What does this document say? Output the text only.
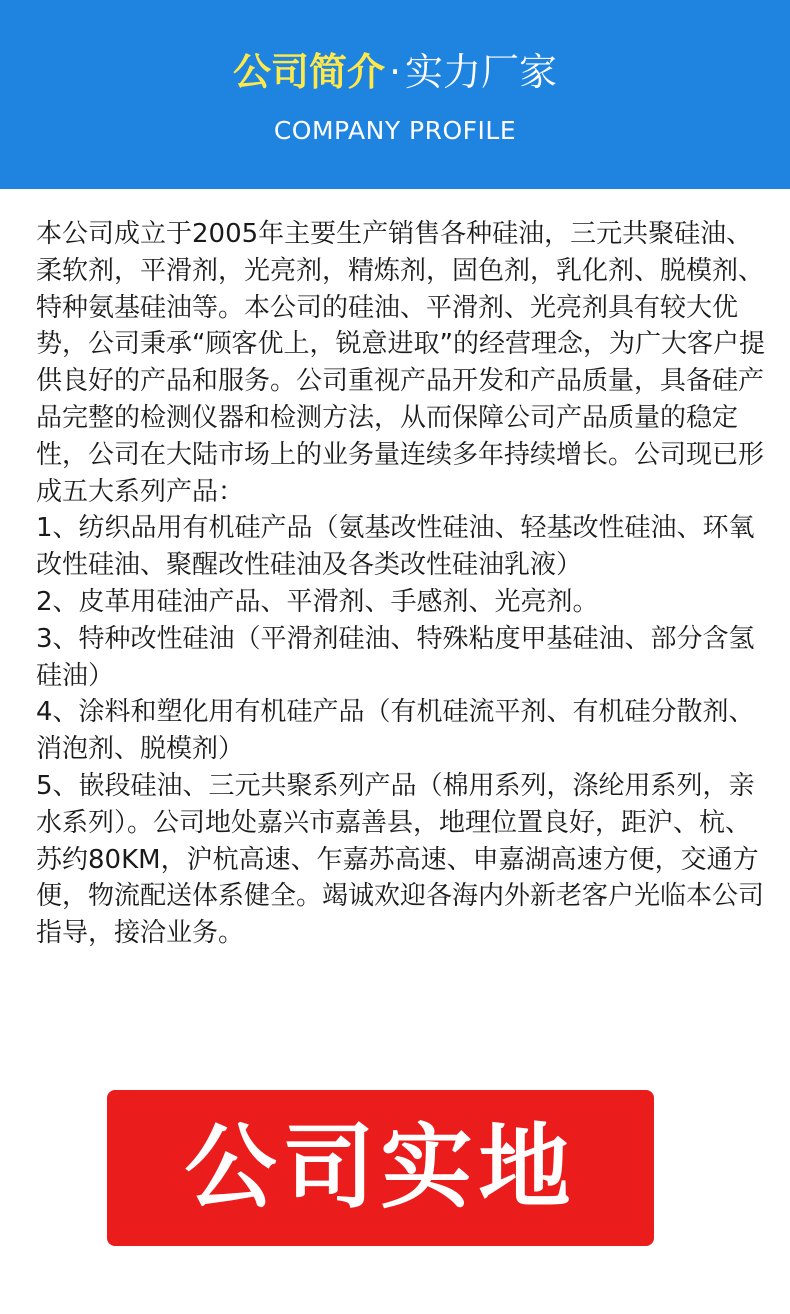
公司简介 · 实力厂家
COMPANY PROFILE

本公司成立于2005年主要生产销售各种硅油，三元共聚硅油、柔软剂，平滑剂，光亮剂，精炼剂，固色剂，乳化剂、脱模剂、特种氨基硅油等。本公司的硅油、平滑剂、光亮剂具有较大优势，公司秉承“顾客优上，锐意进取”的经营理念，为广大客户提供良好的产品和服务。公司重视产品开发和产品质量，具备硅产品完整的检测仪器和检测方法，从而保障公司产品质量的稳定性，公司在大陆市场上的业务量连续多年持续增长。公司现已形成五大系列产品：

1、纺织品用有机硅产品（氨基改性硅油、轻基改性硅油、环氧改性硅油、聚醒改性硅油及各类改性硅油乳液）

2、皮革用硅油产品、平滑剂、手感剂、光亮剂。

3、特种改性硅油（平滑剂硅油、特殊粘度甲基硅油、部分含氢硅油）

4、涂料和塑化用有机硅产品（有机硅流平剂、有机硅分散剂、消泡剂、脱模剂）

5、嵌段硅油、三元共聚系列产品（棉用系列，涤纶用系列，亲水系列）。公司地处嘉兴市嘉善县，地理位置良好，距沪、杭、苏约80KM，沪杭高速、乍嘉苏高速、申嘉湖高速方便，交通方便，物流配送体系健全。竭诚欢迎各海内外新老客户光临本公司指导，接洽业务。

公司实地
